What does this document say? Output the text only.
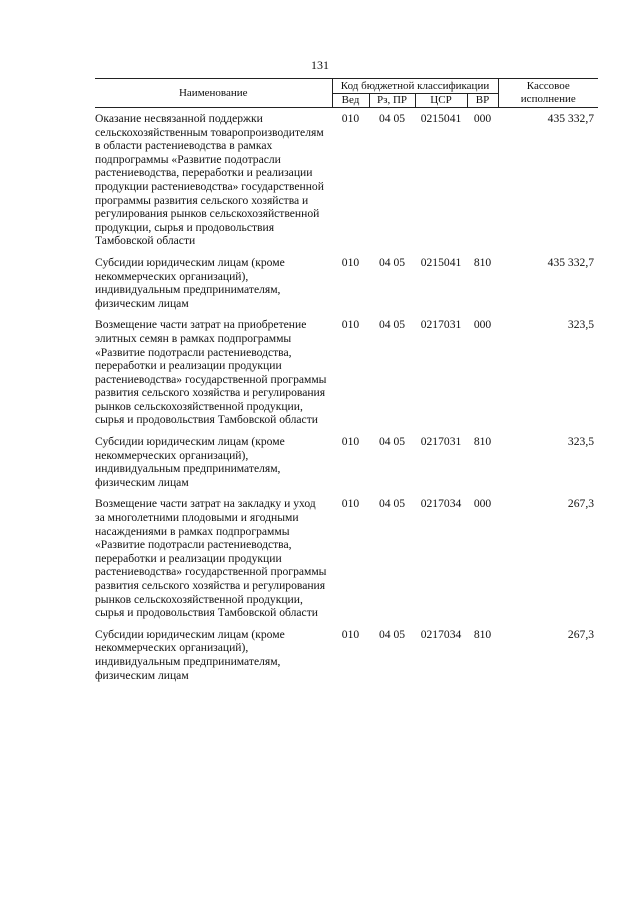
131
Наименование	Код бюджетной классификации				Кассовое исполнение
	Вед	Рз, ПР	ЦСР	ВР	
Оказание несвязанной поддержки сельскохозяйственным товаропроизводителям в области растениеводства в рамках подпрограммы «Развитие подотрасли растениеводства, переработки и реализации продукции растениеводства» государственной программы развития сельского хозяйства и регулирования рынков сельскохозяйственной продукции, сырья и продовольствия Тамбовской области	010	04 05	0215041	000	435 332,7
Субсидии юридическим лицам (кроме некоммерческих организаций), индивидуальным предпринимателям, физическим лицам	010	04 05	0215041	810	435 332,7
Возмещение части затрат на приобретение элитных семян в рамках подпрограммы «Развитие подотрасли растениеводства, переработки и реализации продукции растениеводства» государственной программы развития сельского хозяйства и регулирования рынков сельскохозяйственной продукции, сырья и продовольствия Тамбовской области	010	04 05	0217031	000	323,5
Субсидии юридическим лицам (кроме некоммерческих организаций), индивидуальным предпринимателям, физическим лицам	010	04 05	0217031	810	323,5
Возмещение части затрат на закладку и уход за многолетними плодовыми и ягодными насаждениями в рамках подпрограммы «Развитие подотрасли растениеводства, переработки и реализации продукции растениеводства» государственной программы развития сельского хозяйства и регулирования рынков сельскохозяйственной продукции, сырья и продовольствия Тамбовской области	010	04 05	0217034	000	267,3
Субсидии юридическим лицам (кроме некоммерческих организаций), индивидуальным предпринимателям, физическим лицам	010	04 05	0217034	810	267,3
